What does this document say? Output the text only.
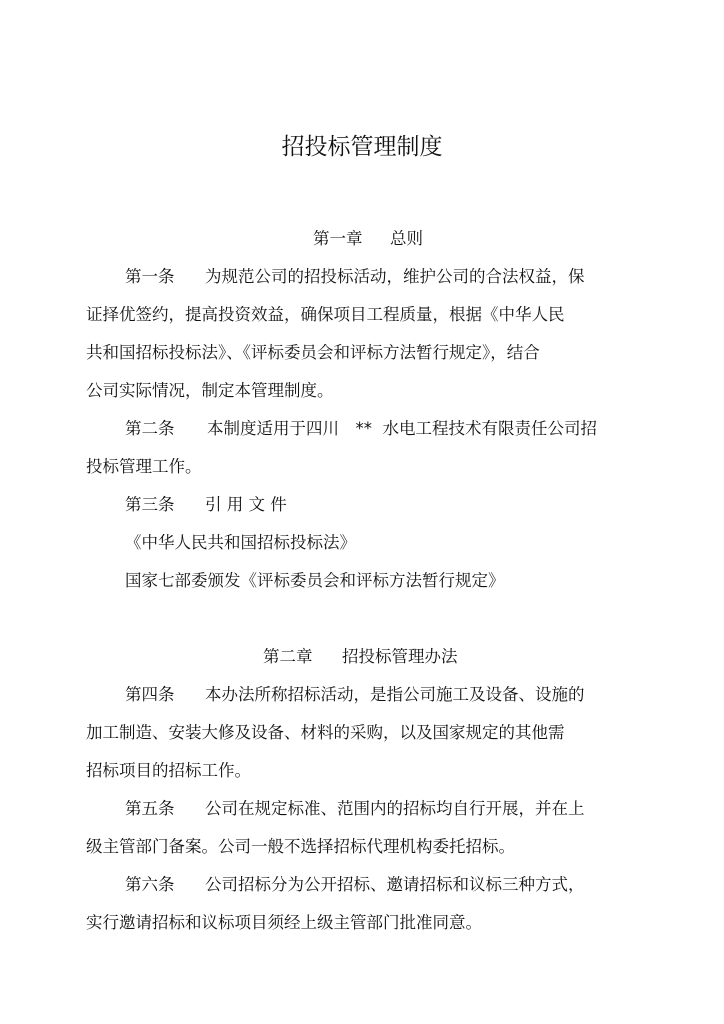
招投标管理制度
第一章 总则
第一条 为规范公司的招投标活动，维护公司的合法权益，保
证择优签约，提高投资效益，确保项目工程质量，根据《中华人民
共和国招标投标法》、《评标委员会和评标方法暂行规定》，结合
公司实际情况，制定本管理制度。
第二条 本制度适用于四川　**  水电工程技术有限责任公司招
投标管理工作。
第三条 引 用 文 件
《中华人民共和国招标投标法》
国家七部委颁发《评标委员会和评标方法暂行规定》
第二章 招投标管理办法
第四条 本办法所称招标活动，是指公司施工及设备、设施的
加工制造、安装大修及设备、材料的采购，以及国家规定的其他需
招标项目的招标工作。
第五条 公司在规定标准、范围内的招标均自行开展，并在上
级主管部门备案。公司一般不选择招标代理机构委托招标。
第六条 公司招标分为公开招标、邀请招标和议标三种方式，
实行邀请招标和议标项目须经上级主管部门批准同意。
